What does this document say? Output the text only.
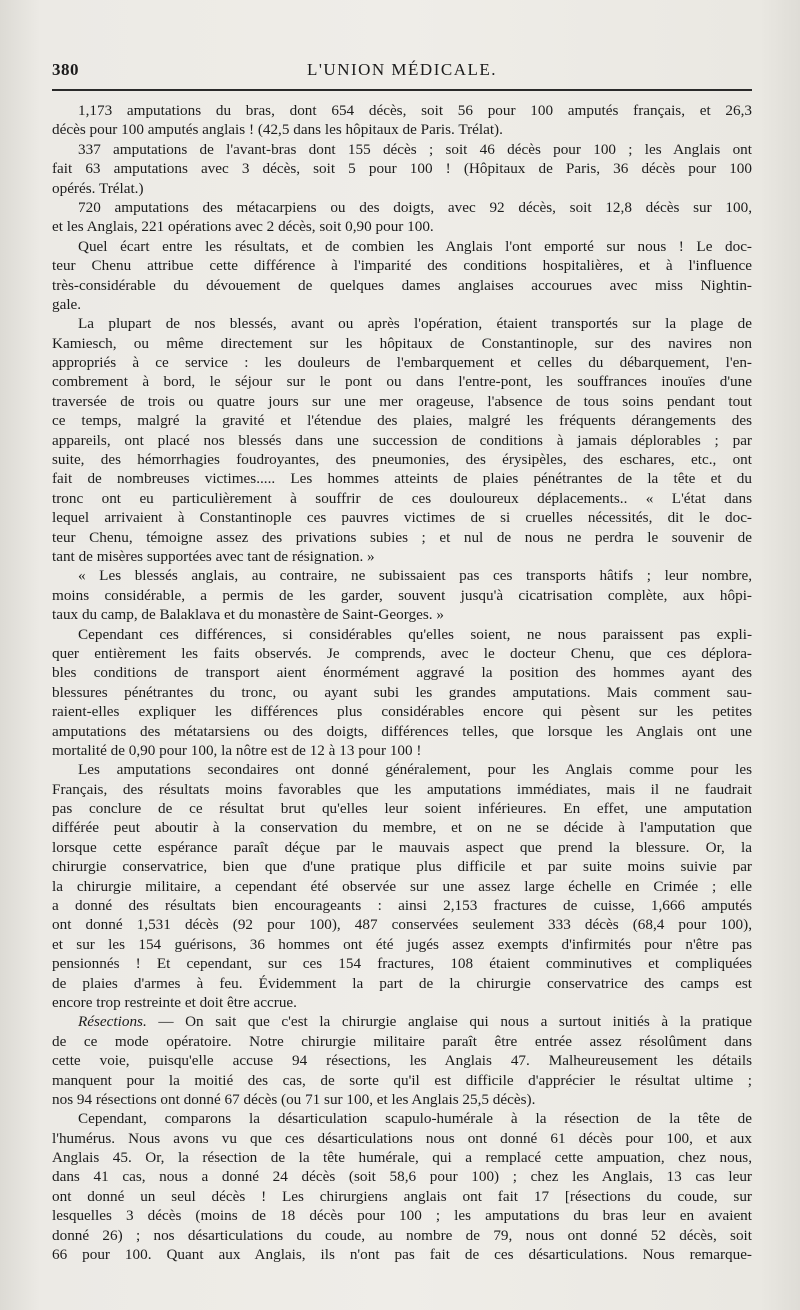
380	L'UNION MÉDICALE.
1,173 amputations du bras, dont 654 décès, soit 56 pour 100 amputés français, et 26,3
décès pour 100 amputés anglais ! (42,5 dans les hôpitaux de Paris. Trélat).
337 amputations de l'avant-bras dont 155 décès ; soit 46 décès pour 100 ; les Anglais ont
fait 63 amputations avec 3 décès, soit 5 pour 100 ! (Hôpitaux de Paris, 36 décès pour 100
opérés. Trélat.)
720 amputations des métacarpiens ou des doigts, avec 92 décès, soit 12,8 décès sur 100,
et les Anglais, 221 opérations avec 2 décès, soit 0,90 pour 100.
Quel écart entre les résultats, et de combien les Anglais l'ont emporté sur nous ! Le doc-
teur Chenu attribue cette différence à l'imparité des conditions hospitalières, et à l'influence
très-considérable du dévouement de quelques dames anglaises accourues avec miss Nightin-
gale.
La plupart de nos blessés, avant ou après l'opération, étaient transportés sur la plage de
Kamiesch, ou même directement sur les hôpitaux de Constantinople, sur des navires non
appropriés à ce service : les douleurs de l'embarquement et celles du débarquement, l'en-
combrement à bord, le séjour sur le pont ou dans l'entre-pont, les souffrances inouïes d'une
traversée de trois ou quatre jours sur une mer orageuse, l'absence de tous soins pendant tout
ce temps, malgré la gravité et l'étendue des plaies, malgré les fréquents dérangements des
appareils, ont placé nos blessés dans une succession de conditions à jamais déplorables ; par
suite, des hémorrhagies foudroyantes, des pneumonies, des érysipèles, des eschares, etc., ont
fait de nombreuses victimes..... Les hommes atteints de plaies pénétrantes de la tête et du
tronc ont eu particulièrement à souffrir de ces douloureux déplacements.. « L'état dans
lequel arrivaient à Constantinople ces pauvres victimes de si cruelles nécessités, dit le doc-
teur Chenu, témoigne assez des privations subies ; et nul de nous ne perdra le souvenir de
tant de misères supportées avec tant de résignation. »
« Les blessés anglais, au contraire, ne subissaient pas ces transports hâtifs ; leur nombre,
moins considérable, a permis de les garder, souvent jusqu'à cicatrisation complète, aux hôpi-
taux du camp, de Balaklava et du monastère de Saint-Georges. »
Cependant ces différences, si considérables qu'elles soient, ne nous paraissent pas expli-
quer entièrement les faits observés. Je comprends, avec le docteur Chenu, que ces déplora-
bles conditions de transport aient énormément aggravé la position des hommes ayant des
blessures pénétrantes du tronc, ou ayant subi les grandes amputations. Mais comment sau-
raient-elles expliquer les différences plus considérables encore qui pèsent sur les petites
amputations des métatarsiens ou des doigts, différences telles, que lorsque les Anglais ont une
mortalité de 0,90 pour 100, la nôtre est de 12 à 13 pour 100 !
Les amputations secondaires ont donné généralement, pour les Anglais comme pour les
Français, des résultats moins favorables que les amputations immédiates, mais il ne faudrait
pas conclure de ce résultat brut qu'elles leur soient inférieures. En effet, une amputation
différée peut aboutir à la conservation du membre, et on ne se décide à l'amputation que
lorsque cette espérance paraît déçue par le mauvais aspect que prend la blessure. Or, la
chirurgie conservatrice, bien que d'une pratique plus difficile et par suite moins suivie par
la chirurgie militaire, a cependant été observée sur une assez large échelle en Crimée ; elle
a donné des résultats bien encourageants : ainsi 2,153 fractures de cuisse, 1,666 amputés
ont donné 1,531 décès (92 pour 100), 487 conservées seulement 333 décès (68,4 pour 100),
et sur les 154 guérisons, 36 hommes ont été jugés assez exempts d'infirmités pour n'être pas
pensionnés ! Et cependant, sur ces 154 fractures, 108 étaient comminutives et compliquées
de plaies d'armes à feu. Évidemment la part de la chirurgie conservatrice des camps est
encore trop restreinte et doit être accrue.
Résections. — On sait que c'est la chirurgie anglaise qui nous a surtout initiés à la pratique
de ce mode opératoire. Notre chirurgie militaire paraît être entrée assez résolûment dans
cette voie, puisqu'elle accuse 94 résections, les Anglais 47. Malheureusement les détails
manquent pour la moitié des cas, de sorte qu'il est difficile d'apprécier le résultat ultime ;
nos 94 résections ont donné 67 décès (ou 71 sur 100, et les Anglais 25,5 décès).
Cependant, comparons la désarticulation scapulo-humérale à la résection de la tête de
l'humérus. Nous avons vu que ces désarticulations nous ont donné 61 décès pour 100, et aux
Anglais 45. Or, la résection de la tête humérale, qui a remplacé cette ampuation, chez nous,
dans 41 cas, nous a donné 24 décès (soit 58,6 pour 100) ; chez les Anglais, 13 cas leur
ont donné un seul décès ! Les chirurgiens anglais ont fait 17 [résections du coude, sur
lesquelles 3 décès (moins de 18 décès pour 100 ; les amputations du bras leur en avaient
donné 26) ; nos désarticulations du coude, au nombre de 79, nous ont donné 52 décès, soit
66 pour 100. Quant aux Anglais, ils n'ont pas fait de ces désarticulations. Nous remarque-
